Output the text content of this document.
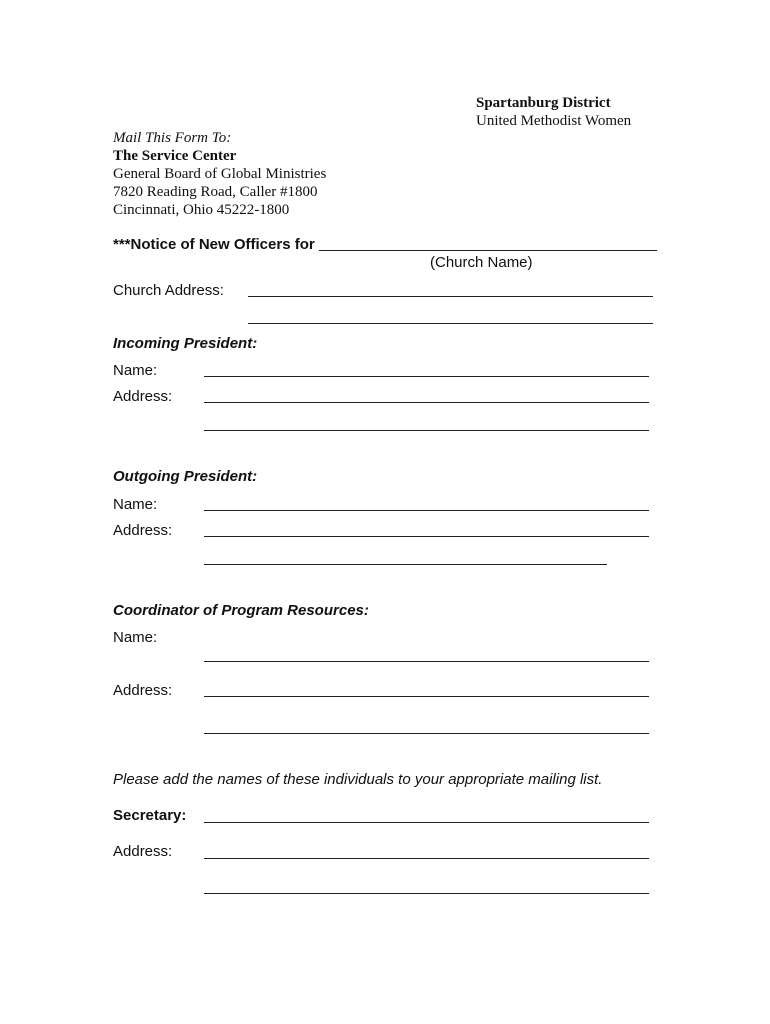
Spartanburg District
United Methodist Women
Mail This Form To:
The Service Center
General Board of Global Ministries
7820 Reading Road, Caller #1800
Cincinnati, Ohio 45222-1800
***Notice of New Officers for
(Church Name)
Church Address:
Incoming President:
Name:
Address:
Outgoing President:
Name:
Address:
Coordinator of Program Resources:
Name:
Address:
Please add the names of these individuals to your appropriate mailing list.
Secretary:
Address:
